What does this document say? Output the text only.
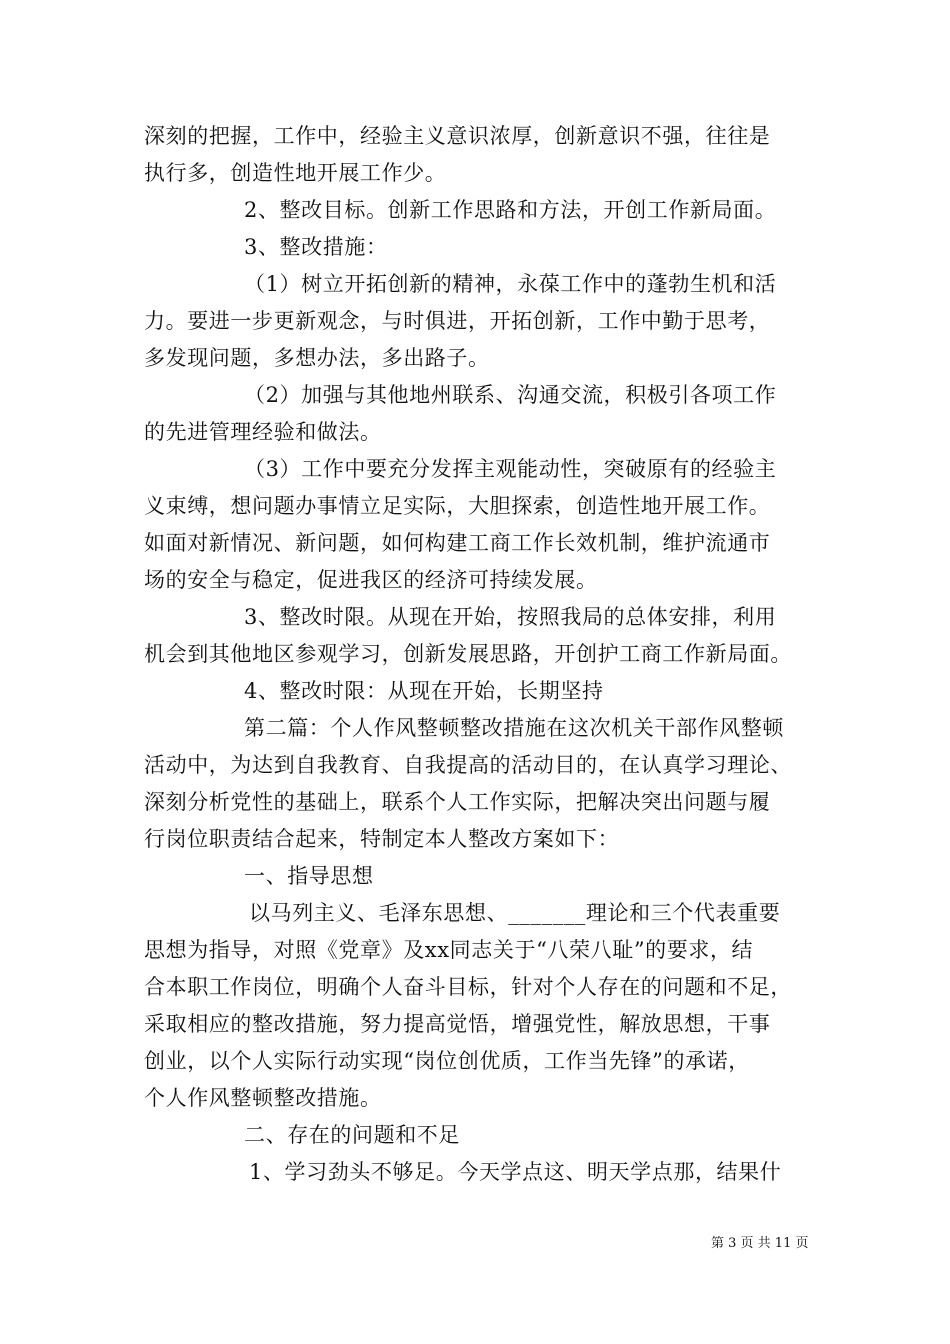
深刻的把握，工作中，经验主义意识浓厚，创新意识不强，往往是

执行多，创造性地开展工作少。

2、整改目标。创新工作思路和方法，开创工作新局面。

3、整改措施：

（1）树立开拓创新的精神，永葆工作中的蓬勃生机和活

力。要进一步更新观念，与时俱进，开拓创新，工作中勤于思考，

多发现问题，多想办法，多出路子。

（2）加强与其他地州联系、沟通交流，积极引各项工作

的先进管理经验和做法。

（3）工作中要充分发挥主观能动性，突破原有的经验主

义束缚，想问题办事情立足实际，大胆探索，创造性地开展工作。

如面对新情况、新问题，如何构建工商工作长效机制，维护流通市

场的安全与稳定，促进我区的经济可持续发展。

3、整改时限。从现在开始，按照我局的总体安排，利用

机会到其他地区参观学习，创新发展思路，开创护工商工作新局面。

4、整改时限：从现在开始，长期坚持

第二篇：个人作风整顿整改措施在这次机关干部作风整顿

活动中，为达到自我教育、自我提高的活动目的，在认真学习理论、

深刻分析党性的基础上，联系个人工作实际，把解决突出问题与履

行岗位职责结合起来，特制定本人整改方案如下：

一、指导思想

以马列主义、毛泽东思想、_______理论和三个代表重要

思想为指导，对照《党章》及xx同志关于“八荣八耻”的要求，结

合本职工作岗位，明确个人奋斗目标，针对个人存在的问题和不足，

采取相应的整改措施，努力提高觉悟，增强党性，解放思想，干事

创业，以个人实际行动实现“岗位创优质，工作当先锋”的承诺，

个人作风整顿整改措施。

二、存在的问题和不足

1、学习劲头不够足。今天学点这、明天学点那，结果什

第 3 页 共 11 页
